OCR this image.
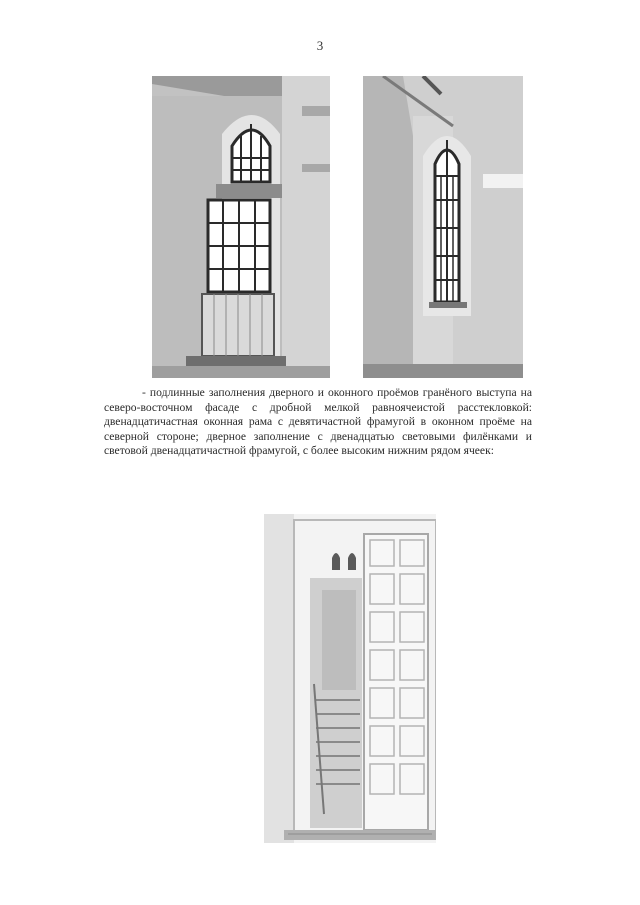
3

- подлинные заполнения дверного и оконного проёмов гранёного выступа на северо-восточном фасаде с дробной мелкой равноячеистой расстекловкой: двенадцатичастная оконная рама с девятичастной фрамугой в оконном проёме на северной стороне; дверное заполнение с двенадцатью световыми филёнками и световой двенадцатичастной фрамугой, с более высоким нижним рядом ячеек:
